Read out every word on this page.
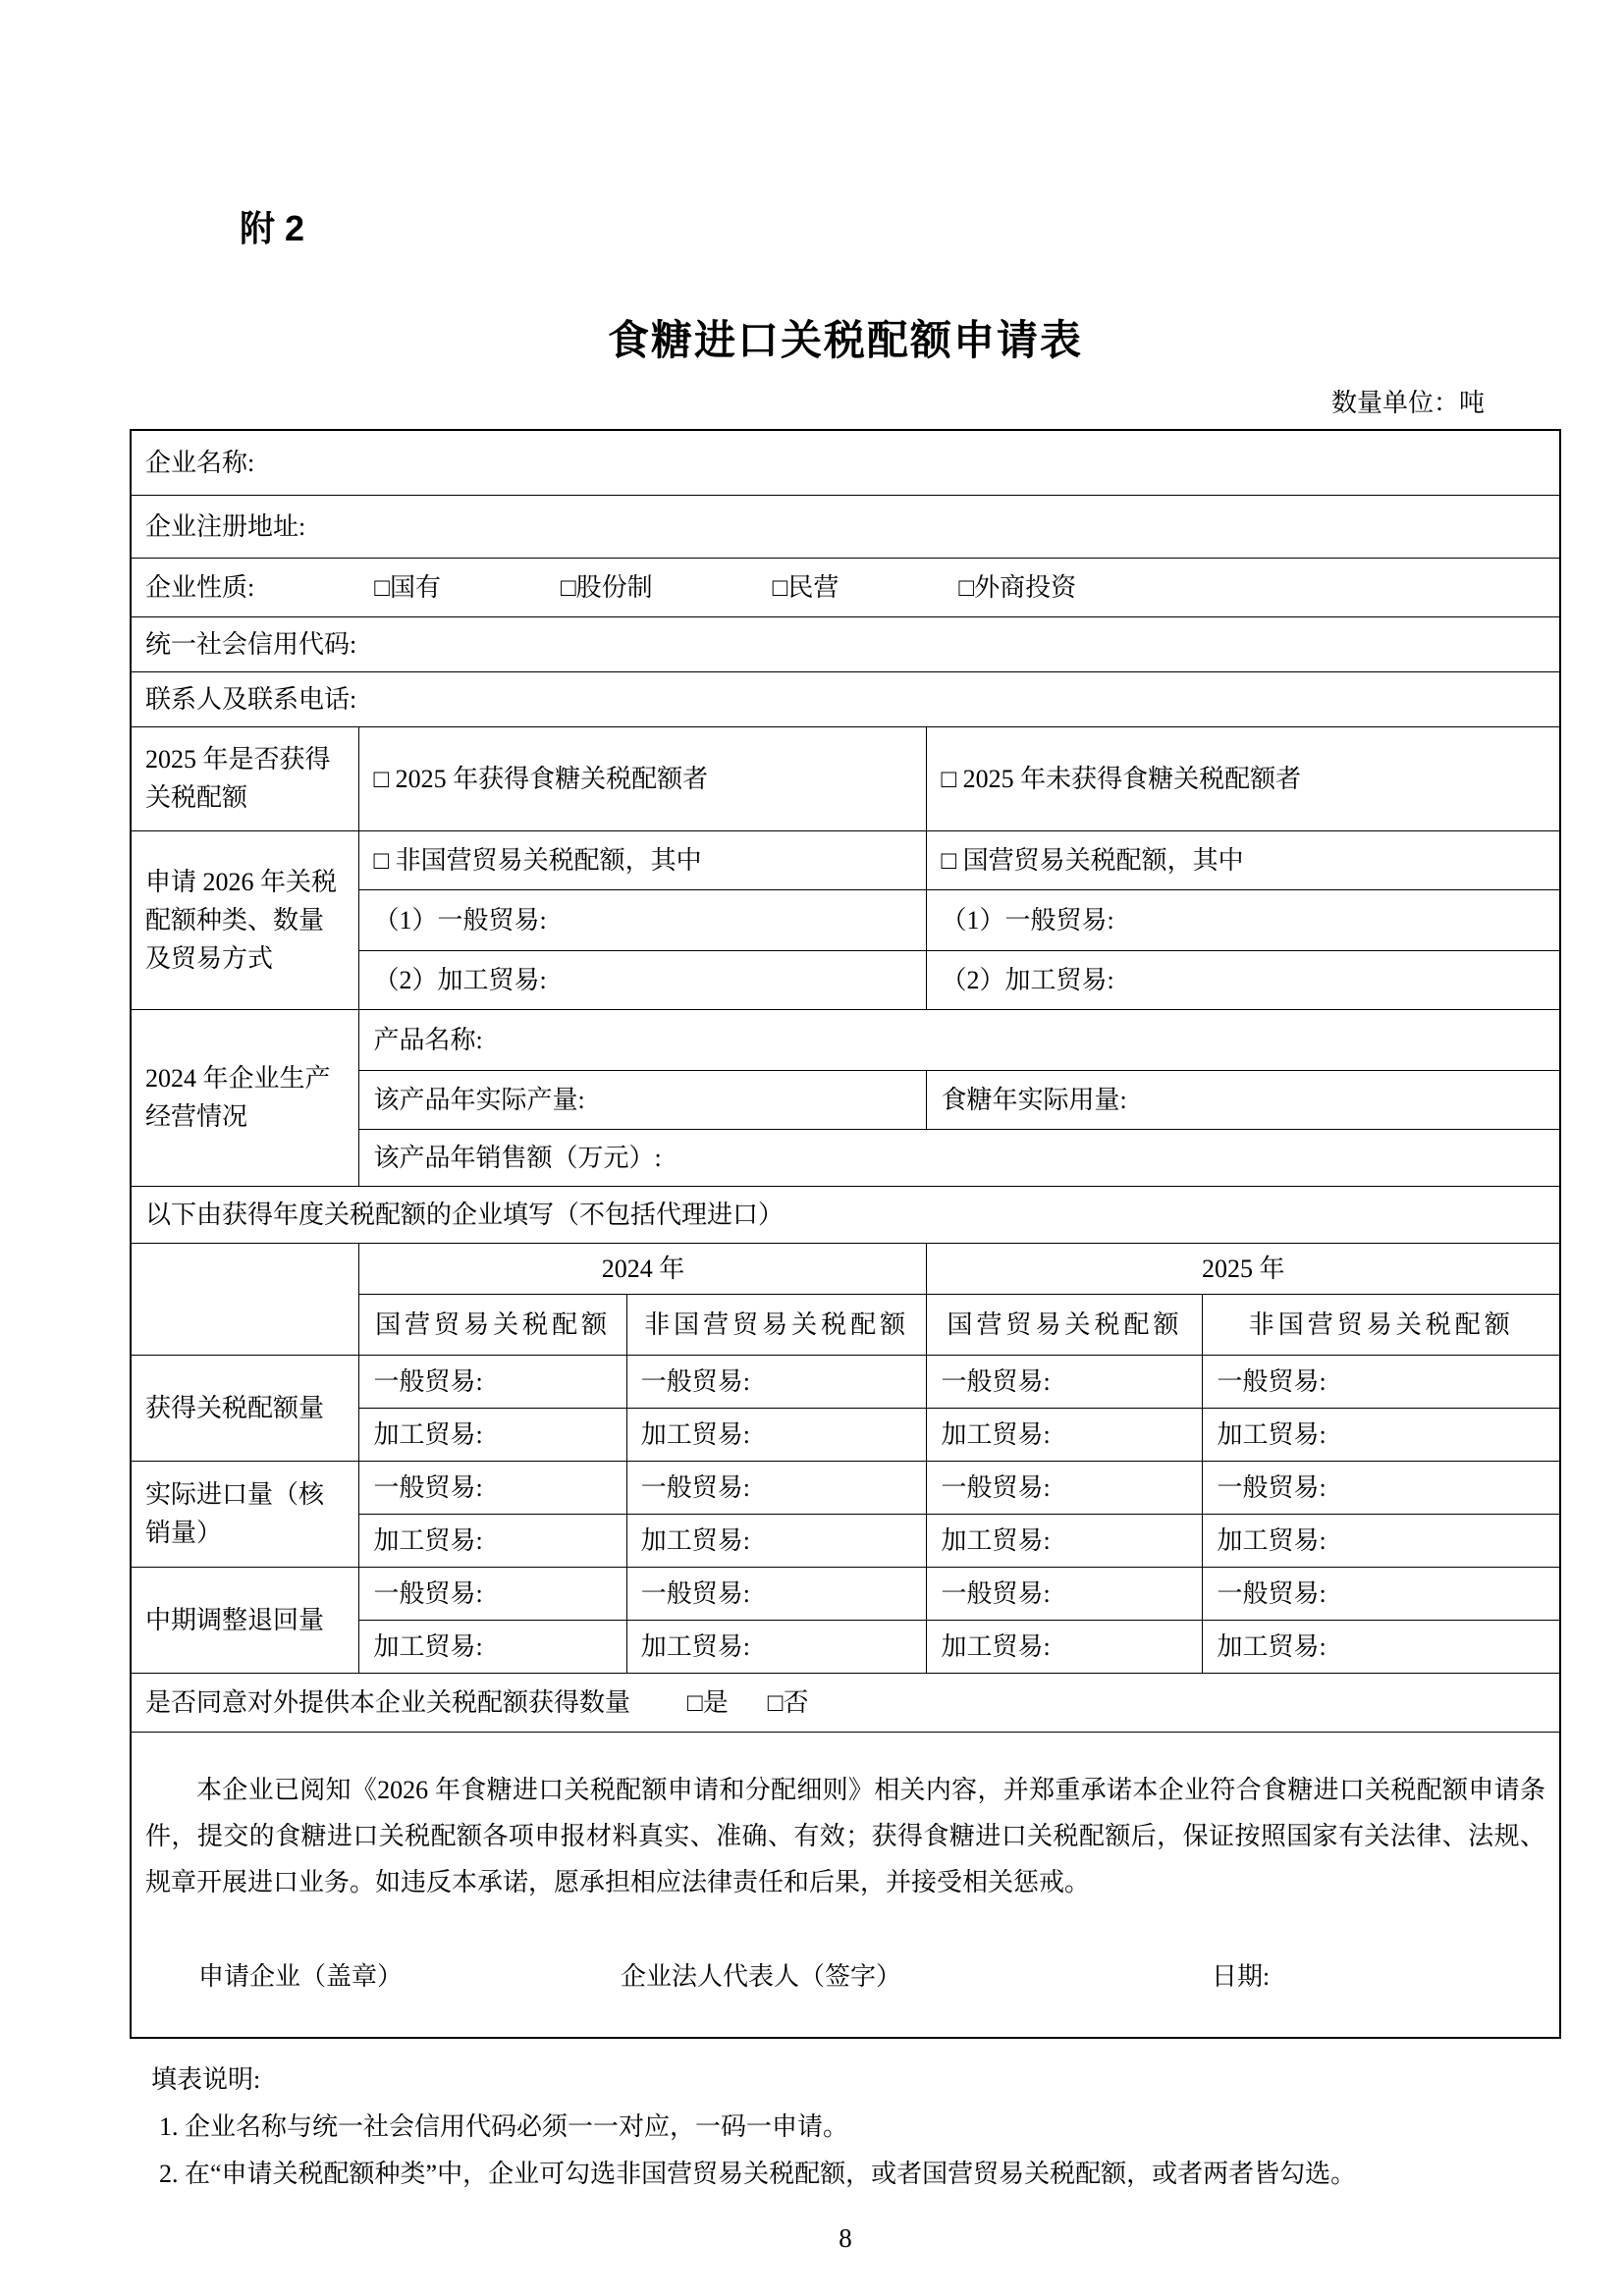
附 2
食糖进口关税配额申请表
数量单位：吨
企业名称:				
企业注册地址:				
企业性质: □国有 □股份制 □民营 □外商投资				
统一社会信用代码:				
联系人及联系电话:				
2025 年是否获得关税配额	□ 2025 年获得食糖关税配额者		□ 2025 年未获得食糖关税配额者	
申请 2026 年关税配额种类、数量及贸易方式	□ 非国营贸易关税配额，其中		□ 国营贸易关税配额，其中	
	（1）一般贸易:		（1）一般贸易:	
	（2）加工贸易:		（2）加工贸易:	
2024 年企业生产经营情况	产品名称:			
	该产品年实际产量:		食糖年实际用量:	
	该产品年销售额（万元）:			
以下由获得年度关税配额的企业填写（不包括代理进口）				
	2024 年		2025 年	
	国营贸易关税配额	非国营贸易关税配额	国营贸易关税配额	非国营贸易关税配额
获得关税配额量	一般贸易:	一般贸易:	一般贸易:	一般贸易:
	加工贸易:	加工贸易:	加工贸易:	加工贸易:
实际进口量（核销量）	一般贸易:	一般贸易:	一般贸易:	一般贸易:
	加工贸易:	加工贸易:	加工贸易:	加工贸易:
中期调整退回量	一般贸易:	一般贸易:	一般贸易:	一般贸易:
	加工贸易:	加工贸易:	加工贸易:	加工贸易:
是否同意对外提供本企业关税配额获得数量 □是 □否				

本企业已阅知《2026 年食糖进口关税配额申请和分配细则》相关内容，并郑重承诺本企业符合食糖进口关税配额申请条件，提交的食糖进口关税配额各项申报材料真实、准确、有效；获得食糖进口关税配额后，保证按照国家有关法律、法规、规章开展进口业务。如违反本承诺，愿承担相应法律责任和后果，并接受相关惩戒。
申请企业（盖章） 企业法人代表人（签字） 日期:				
填表说明:
1. 企业名称与统一社会信用代码必须一一对应，一码一申请。
2. 在“申请关税配额种类”中，企业可勾选非国营贸易关税配额，或者国营贸易关税配额，或者两者皆勾选。
8
